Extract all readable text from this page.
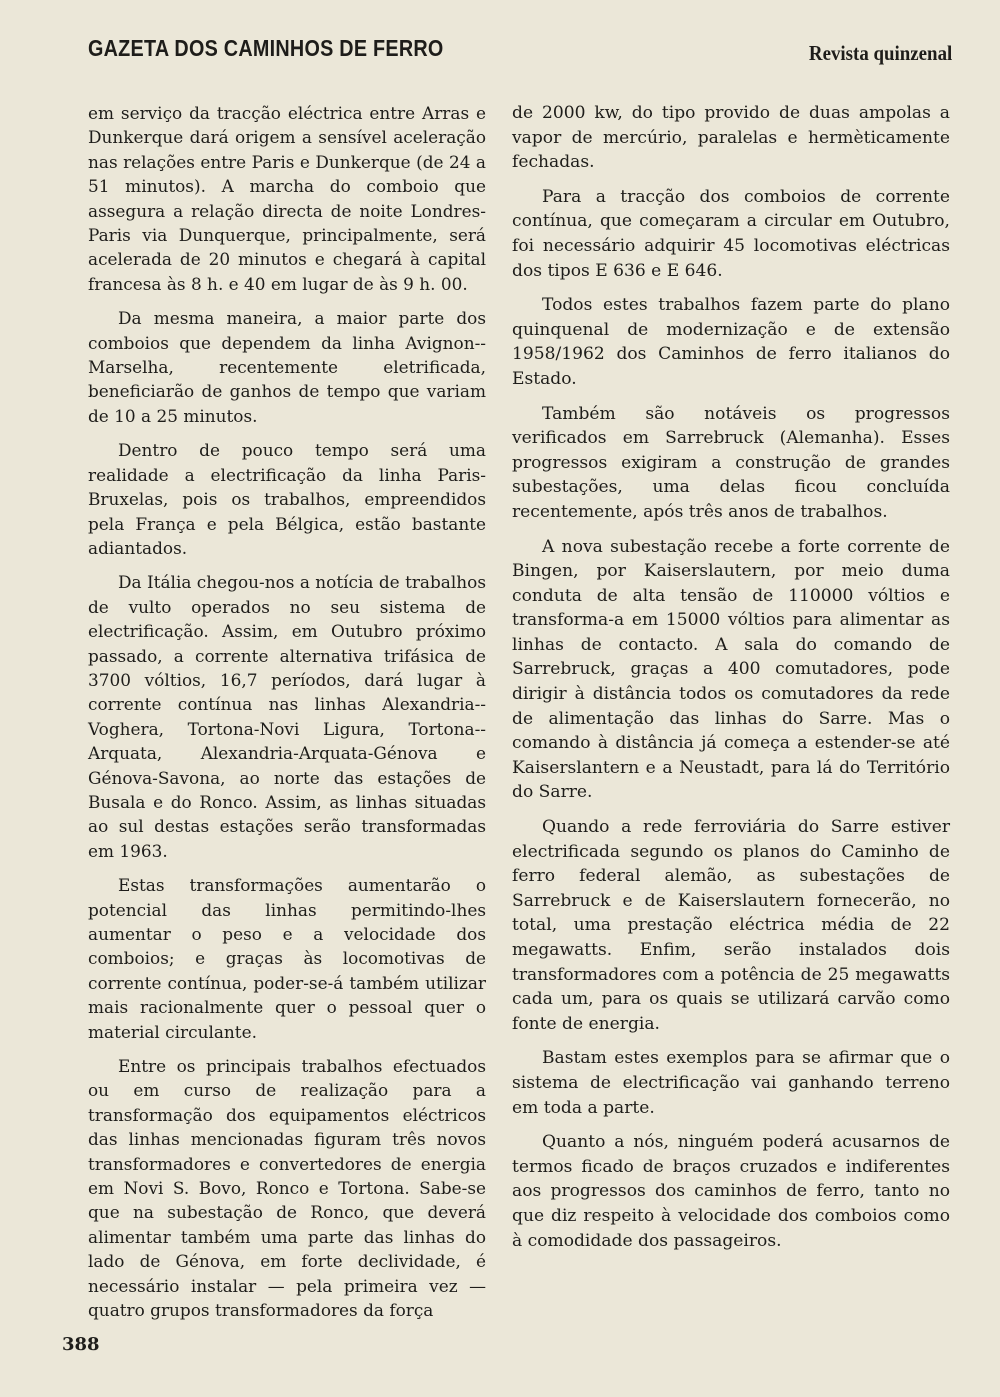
GAZETA DOS CAMINHOS DE FERRO	Revista quinzenal

em serviço da tracção eléctrica entre Arras e Dunkerque dará origem a sensível aceleração nas relações entre Paris e Dunkerque (de 24 a 51 minutos). A marcha do comboio que assegura a relação directa de noite Londres-Paris via Dunquerque, principalmente, será acelerada de 20 minutos e chegará à capital francesa às 8 h. e 40 em lugar de às 9 h. 00.

Da mesma maneira, a maior parte dos comboios que dependem da linha Avignon--Marselha, recentemente eletrificada, beneficiarão de ganhos de tempo que variam de 10 a 25 minutos.

Dentro de pouco tempo será uma realidade a electrificação da linha Paris-Bruxelas, pois os trabalhos, empreendidos pela França e pela Bélgica, estão bastante adiantados.

Da Itália chegou-nos a notícia de trabalhos de vulto operados no seu sistema de electrificação. Assim, em Outubro próximo passado, a corrente alternativa trifásica de 3700 vóltios, 16,7 períodos, dará lugar à corrente contínua nas linhas Alexandria--Voghera, Tortona-Novi Ligura, Tortona--Arquata, Alexandria-Arquata-Génova e Génova-Savona, ao norte das estações de Busala e do Ronco. Assim, as linhas situadas ao sul destas estações serão transformadas em 1963.

Estas transformações aumentarão o potencial das linhas permitindo-lhes aumentar o peso e a velocidade dos comboios; e graças às locomotivas de corrente contínua, poder-se-á também utilizar mais racionalmente quer o pessoal quer o material circulante.

Entre os principais trabalhos efectuados ou em curso de realização para a transformação dos equipamentos eléctricos das linhas mencionadas figuram três novos transformadores e convertedores de energia em Novi S. Bovo, Ronco e Tortona. Sabe-se que na subestação de Ronco, que deverá alimentar também uma parte das linhas do lado de Génova, em forte declividade, é necessário instalar — pela primeira vez — quatro grupos transformadores da força

de 2000 kw, do tipo provido de duas ampolas a vapor de mercúrio, paralelas e hermèticamente fechadas.

Para a tracção dos comboios de corrente contínua, que começaram a circular em Outubro, foi necessário adquirir 45 locomotivas eléctricas dos tipos E 636 e E 646.

Todos estes trabalhos fazem parte do plano quinquenal de modernização e de extensão 1958/1962 dos Caminhos de ferro italianos do Estado.

Também são notáveis os progressos verificados em Sarrebruck (Alemanha). Esses progressos exigiram a construção de grandes subestações, uma delas ficou concluída recentemente, após três anos de trabalhos.

A nova subestação recebe a forte corrente de Bingen, por Kaiserslautern, por meio duma conduta de alta tensão de 110000 vóltios e transforma-a em 15000 vóltios para alimentar as linhas de contacto. A sala do comando de Sarrebruck, graças a 400 comutadores, pode dirigir à distância todos os comutadores da rede de alimentação das linhas do Sarre. Mas o comando à distância já começa a estender-se até Kaiserslantern e a Neustadt, para lá do Território do Sarre.

Quando a rede ferroviária do Sarre estiver electrificada segundo os planos do Caminho de ferro federal alemão, as subestações de Sarrebruck e de Kaiserslautern fornecerão, no total, uma prestação eléctrica média de 22 megawatts. Enfim, serão instalados dois transformadores com a potência de 25 megawatts cada um, para os quais se utilizará carvão como fonte de energia.

Bastam estes exemplos para se afirmar que o sistema de electrificação vai ganhando terreno em toda a parte.

Quanto a nós, ninguém poderá acusarnos de termos ficado de braços cruzados e indiferentes aos progressos dos caminhos de ferro, tanto no que diz respeito à velocidade dos comboios como à comodidade dos passageiros.

388
